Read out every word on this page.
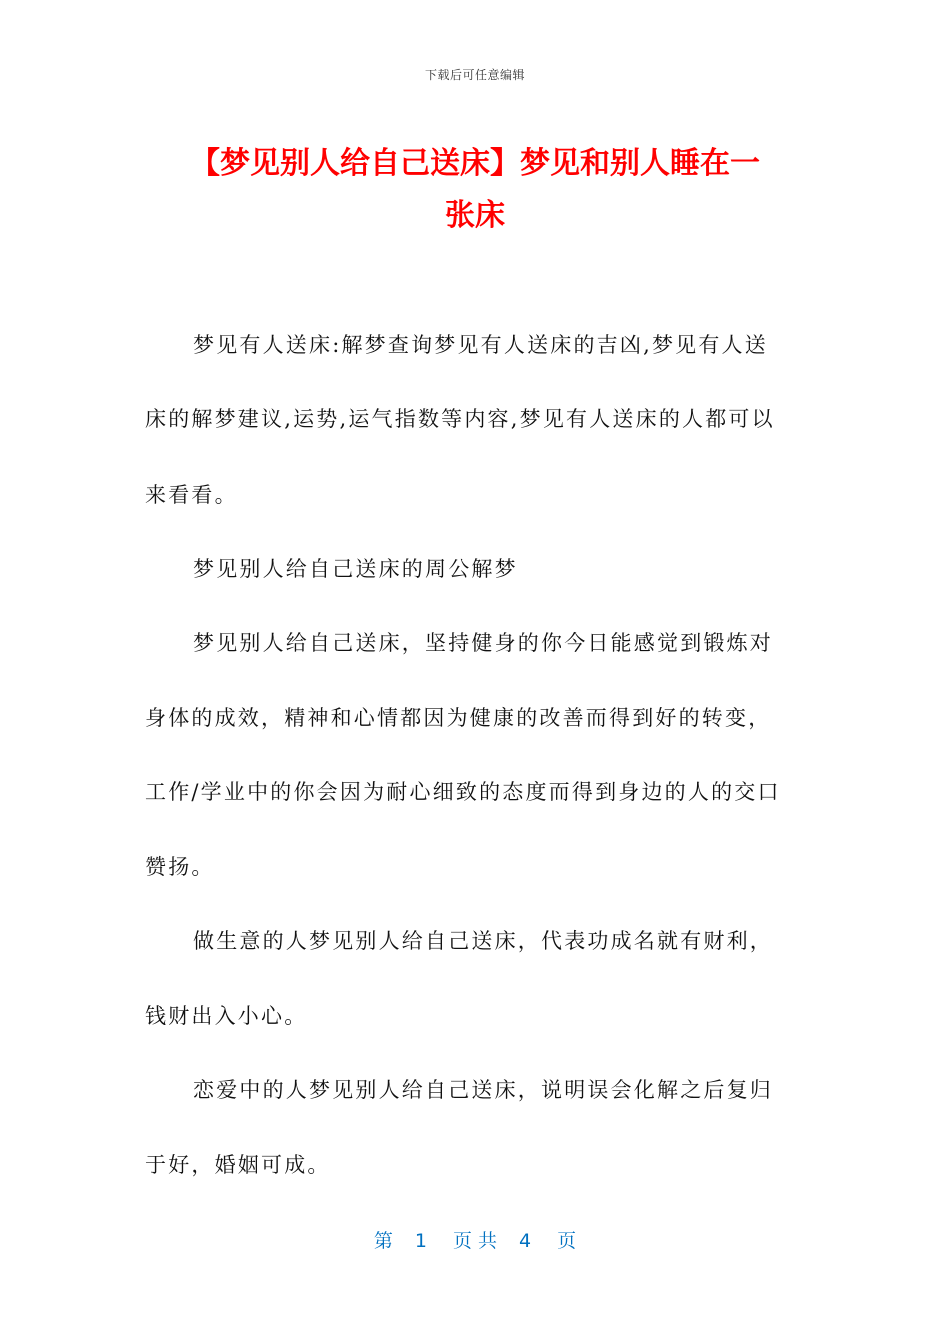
下载后可任意编辑
【梦见别人给自己送床】梦见和别人睡在一
张床

梦见有人送床:解梦查询梦见有人送床的吉凶,梦见有人送

床的解梦建议,运势,运气指数等内容,梦见有人送床的人都可以

来看看。

梦见别人给自己送床的周公解梦

梦见别人给自己送床，坚持健身的你今日能感觉到锻炼对

身体的成效，精神和心情都因为健康的改善而得到好的转变，

工作/学业中的你会因为耐心细致的态度而得到身边的人的交口

赞扬。

做生意的人梦见别人给自己送床，代表功成名就有财利，

钱财出入小心。

恋爱中的人梦见别人给自己送床，说明误会化解之后复归

于好，婚姻可成。

第 1 页 共 4 页
